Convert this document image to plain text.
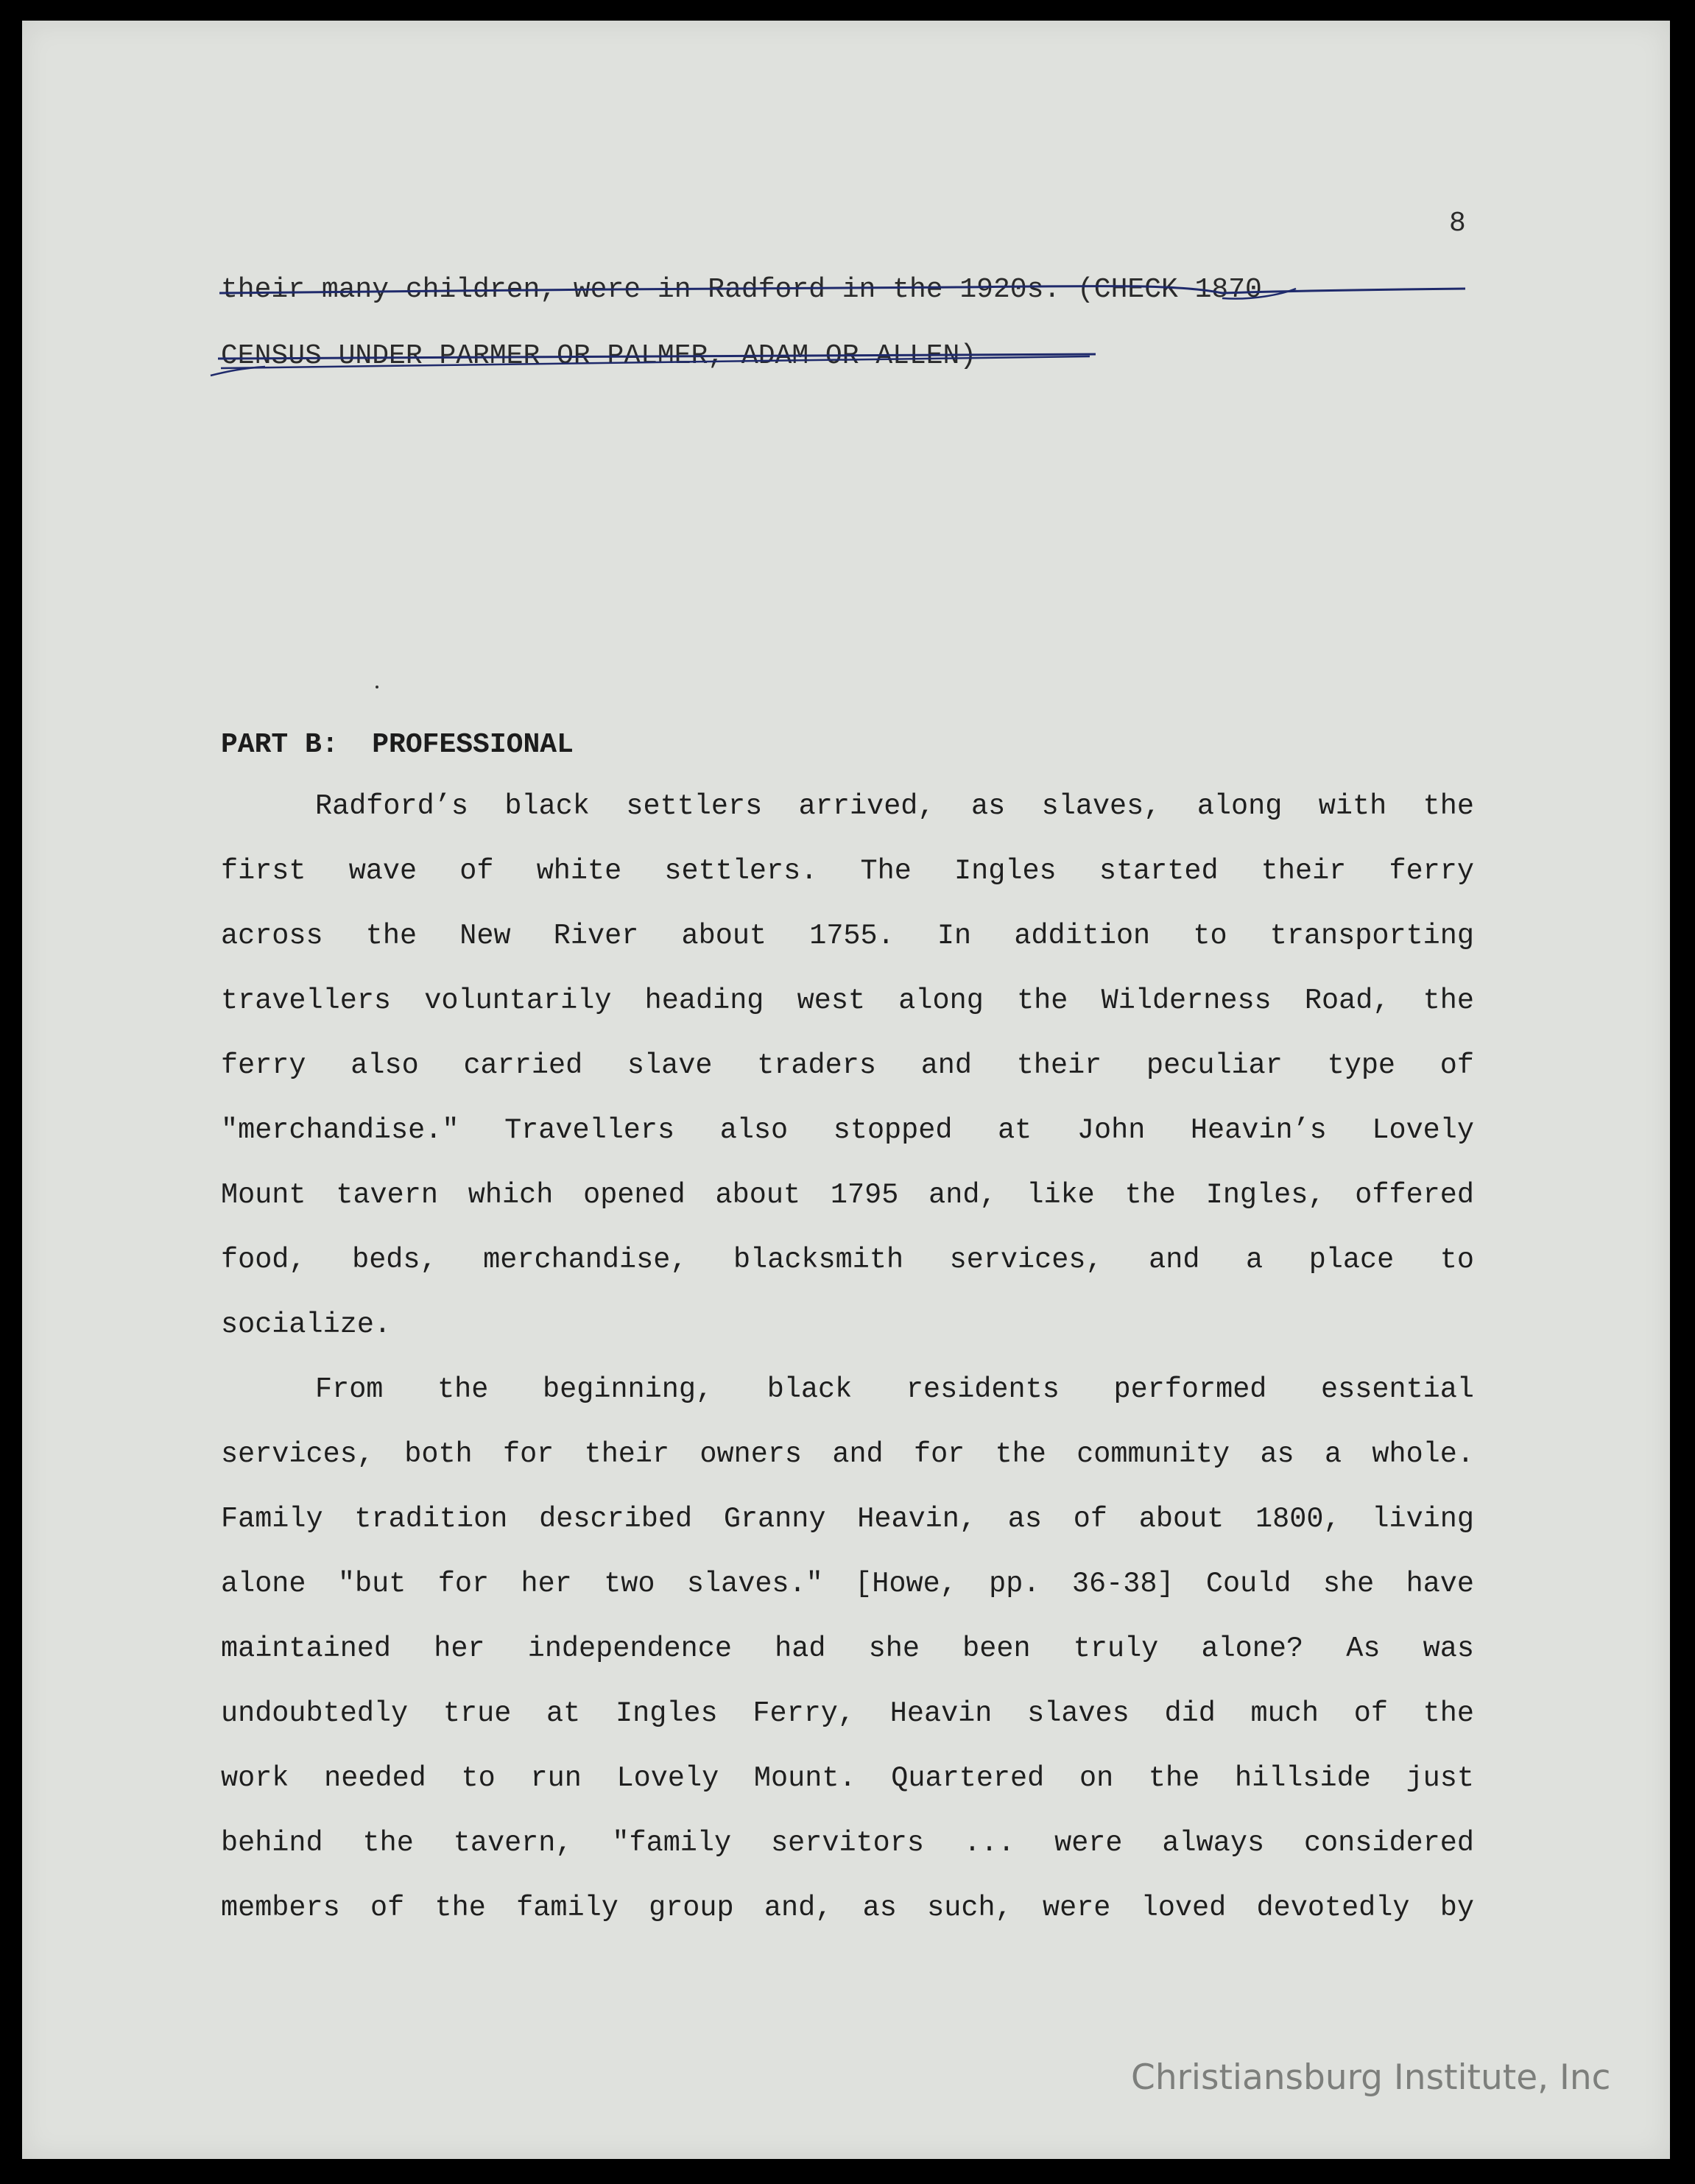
8
their many children, were in Radford in the 1920s. (CHECK 1870
CENSUS UNDER PARMER OR PALMER, ADAM OR ALLEN)
PART B:  PROFESSIONAL
Radford’s black settlers arrived, as slaves, along with the
first wave of white settlers. The Ingles started their ferry
across the New River about 1755. In addition to transporting
travellers voluntarily heading west along the Wilderness Road, the
ferry also carried slave traders and their peculiar type of
"merchandise." Travellers also stopped at John Heavin’s Lovely
Mount tavern which opened about 1795 and, like the Ingles, offered
food, beds, merchandise, blacksmith services, and a place to
socialize.
From the beginning, black residents performed essential
services, both for their owners and for the community as a whole.
Family tradition described Granny Heavin, as of about 1800, living
alone "but for her two slaves." [Howe, pp. 36-38] Could she have
maintained her independence had she been truly alone? As was
undoubtedly true at Ingles Ferry, Heavin slaves did much of the
work needed to run Lovely Mount. Quartered on the hillside just
behind the tavern, "family servitors ... were always considered
members of the family group and, as such, were loved devotedly by
Christiansburg Institute, Inc
